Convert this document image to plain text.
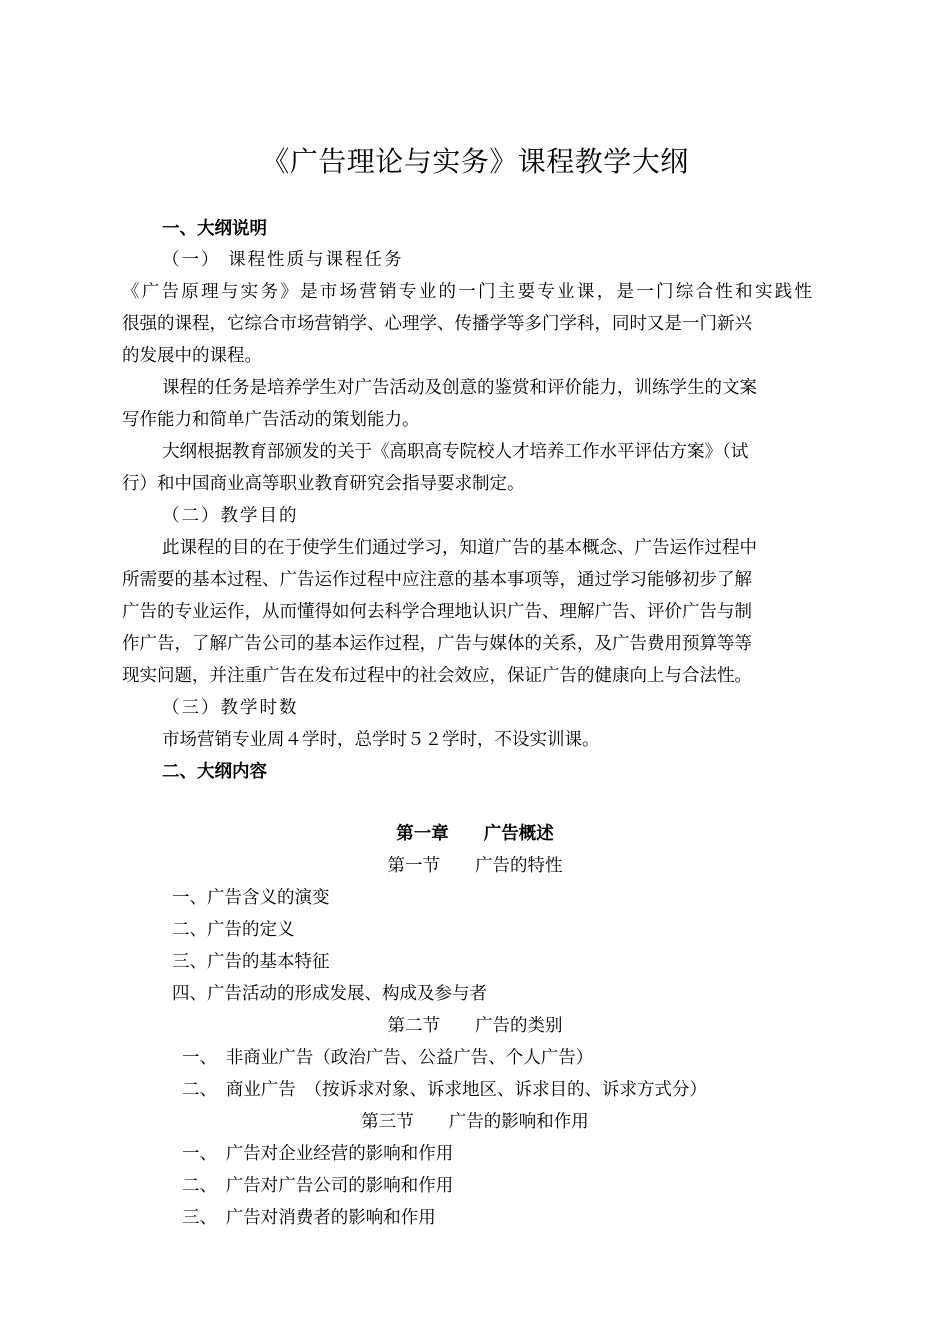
《广告理论与实务》课程教学大纲
一、大纲说明
（一） 课程性质与课程任务
《广告原理与实务》是市场营销专业的一门主要专业课，是一门综合性和实践性
很强的课程，它综合市场营销学、心理学、传播学等多门学科，同时又是一门新兴
的发展中的课程。
课程的任务是培养学生对广告活动及创意的鉴赏和评价能力，训练学生的文案
写作能力和简单广告活动的策划能力。
大纲根据教育部颁发的关于《高职高专院校人才培养工作水平评估方案》（试
行）和中国商业高等职业教育研究会指导要求制定。
（二）教学目的
此课程的目的在于使学生们通过学习，知道广告的基本概念、广告运作过程中
所需要的基本过程、广告运作过程中应注意的基本事项等，通过学习能够初步了解
广告的专业运作，从而懂得如何去科学合理地认识广告、理解广告、评价广告与制
作广告，了解广告公司的基本运作过程，广告与媒体的关系，及广告费用预算等等
现实问题，并注重广告在发布过程中的社会效应，保证广告的健康向上与合法性。
（三）教学时数
市场营销专业周４学时，总学时５２学时，不设实训课。
二、大纲内容
第一章　　广告概述
第一节　　广告的特性
一、广告含义的演变
二、广告的定义
三、广告的基本特征
四、广告活动的形成发展、构成及参与者
第二节　　广告的类别
一、　非商业广告（政治广告、公益广告、个人广告）
二、　商业广告　（按诉求对象、诉求地区、诉求目的、诉求方式分）
第三节　　广告的影响和作用
一、　广告对企业经营的影响和作用
二、　广告对广告公司的影响和作用
三、　广告对消费者的影响和作用
